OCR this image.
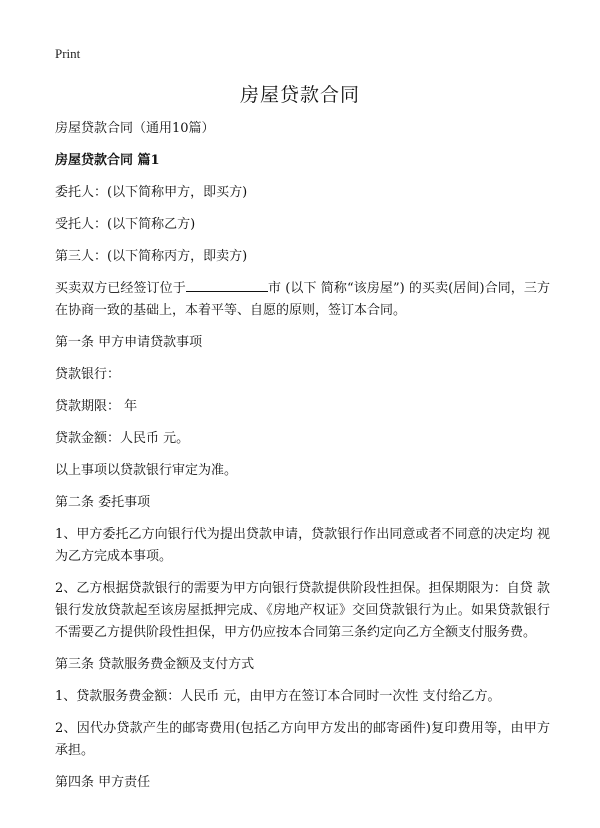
Print
房屋贷款合同

房屋贷款合同（通用10篇）

房屋贷款合同 篇1

委托人：(以下简称甲方，即买方)

受托人：(以下简称乙方)

第三人：(以下简称丙方，即卖方)

买卖双方已经签订位于	市 (以下 简称“该房屋”) 的买卖(居间)合同，三方在协商一致的基础上，本着平等、自愿的原则，签订本合同。

第一条 甲方申请贷款事项

贷款银行：

贷款期限： 年

贷款金额：人民币 元。

以上事项以贷款银行审定为准。

第二条 委托事项

1、甲方委托乙方向银行代为提出贷款申请，贷款银行作出同意或者不同意的决定均 视为乙方完成本事项。

2、乙方根据贷款银行的需要为甲方向银行贷款提供阶段性担保。担保期限为：自贷 款银行发放贷款起至该房屋抵押完成、《房地产权证》交回贷款银行为止。如果贷款银行 不需要乙方提供阶段性担保，甲方仍应按本合同第三条约定向乙方全额支付服务费。

第三条 贷款服务费金额及支付方式

1、贷款服务费金额：人民币 元，由甲方在签订本合同时一次性 支付给乙方。

2、因代办贷款产生的邮寄费用(包括乙方向甲方发出的邮寄函件)复印费用等，由甲方承担。

第四条 甲方责任
